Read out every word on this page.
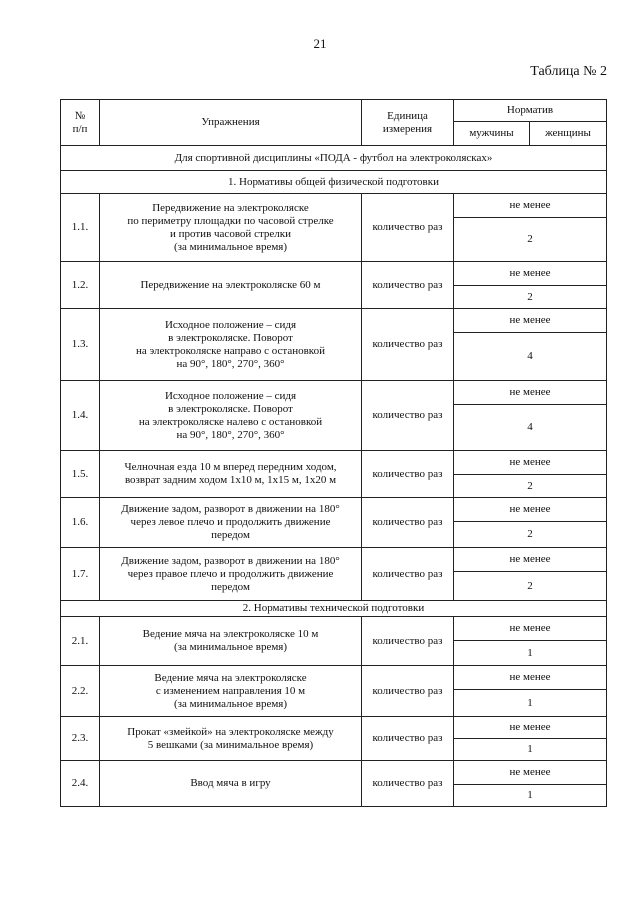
21
Таблица № 2
№
п/п	Упражнения	Единица
измерения	Норматив	
			мужчины	женщины
Для спортивной дисциплины «ПОДА - футбол на электроколясках»				
1. Нормативы общей физической подготовки				
1.1.	Передвижение на электроколяске
по периметру площадки по часовой стрелке
и против часовой стрелки
(за минимальное время)	количество раз	не менее	
			2	
1.2.	Передвижение на электроколяске 60 м	количество раз	не менее	
			2	
1.3.	Исходное положение – сидя
в электроколяске. Поворот
на электроколяске направо с остановкой
на 90°, 180°, 270°, 360°	количество раз	не менее	
			4	
1.4.	Исходное положение – сидя
в электроколяске. Поворот
на электроколяске налево с остановкой
на 90°, 180°, 270°, 360°	количество раз	не менее	
			4	
1.5.	Челночная езда 10 м вперед передним ходом,
возврат задним ходом 1х10 м, 1х15 м, 1х20 м	количество раз	не менее	
			2	
1.6.	Движение задом, разворот в движении на 180°
через левое плечо и продолжить движение
передом	количество раз	не менее	
			2	
1.7.	Движение задом, разворот в движении на 180°
через правое плечо и продолжить движение
передом	количество раз	не менее	
			2	
2. Нормативы технической подготовки				
2.1.	Ведение мяча на электроколяске 10 м
(за минимальное время)	количество раз	не менее	
			1	
2.2.	Ведение мяча на электроколяске
с изменением направления 10 м
(за минимальное время)	количество раз	не менее	
			1	
2.3.	Прокат «змейкой» на электроколяске между
5 вешками (за минимальное время)	количество раз	не менее	
			1	
2.4.	Ввод мяча в игру	количество раз	не менее	
			1	
